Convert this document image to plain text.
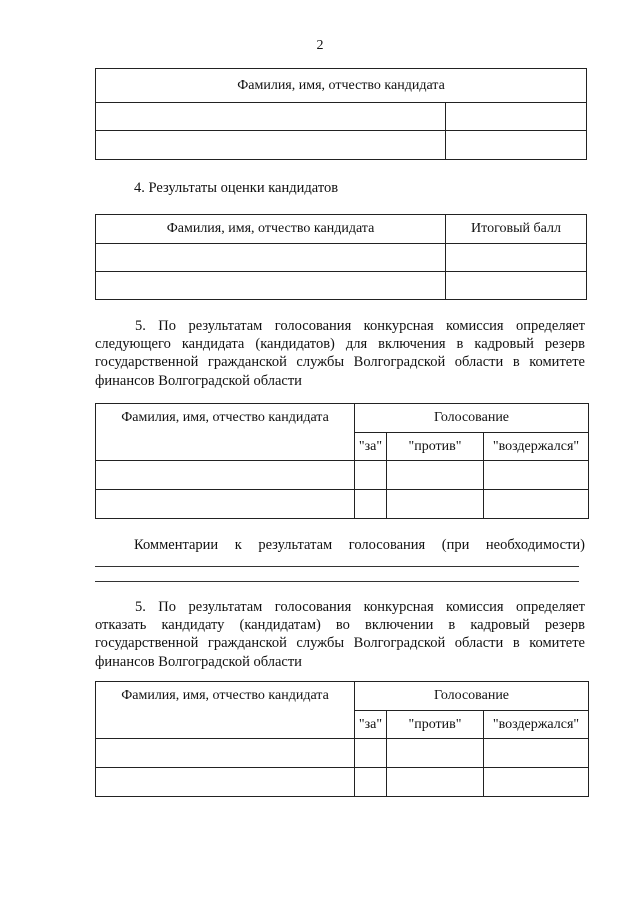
2
Фамилия, имя, отчество кандидата	

4. Результаты оценки кандидатов
Фамилия, имя, отчество кандидата	Итоговый балл

5. По результатам голосования конкурсная комиссия определяет следующего кандидата (кандидатов) для включения в кадровый резерв государственной гражданской службы Волгоградской области в комитете финансов Волгоградской области

Фамилия, имя, отчество кандидата	Голосование		
	"за"	"против"	"воздержался"

Комментарии к результатам голосования (при необходимости)

5. По результатам голосования конкурсная комиссия определяет отказать кандидату (кандидатам) во включении в кадровый резерв государственной гражданской службы Волгоградской области в комитете финансов Волгоградской области

Фамилия, имя, отчество кандидата	Голосование		
	"за"	"против"	"воздержался"
